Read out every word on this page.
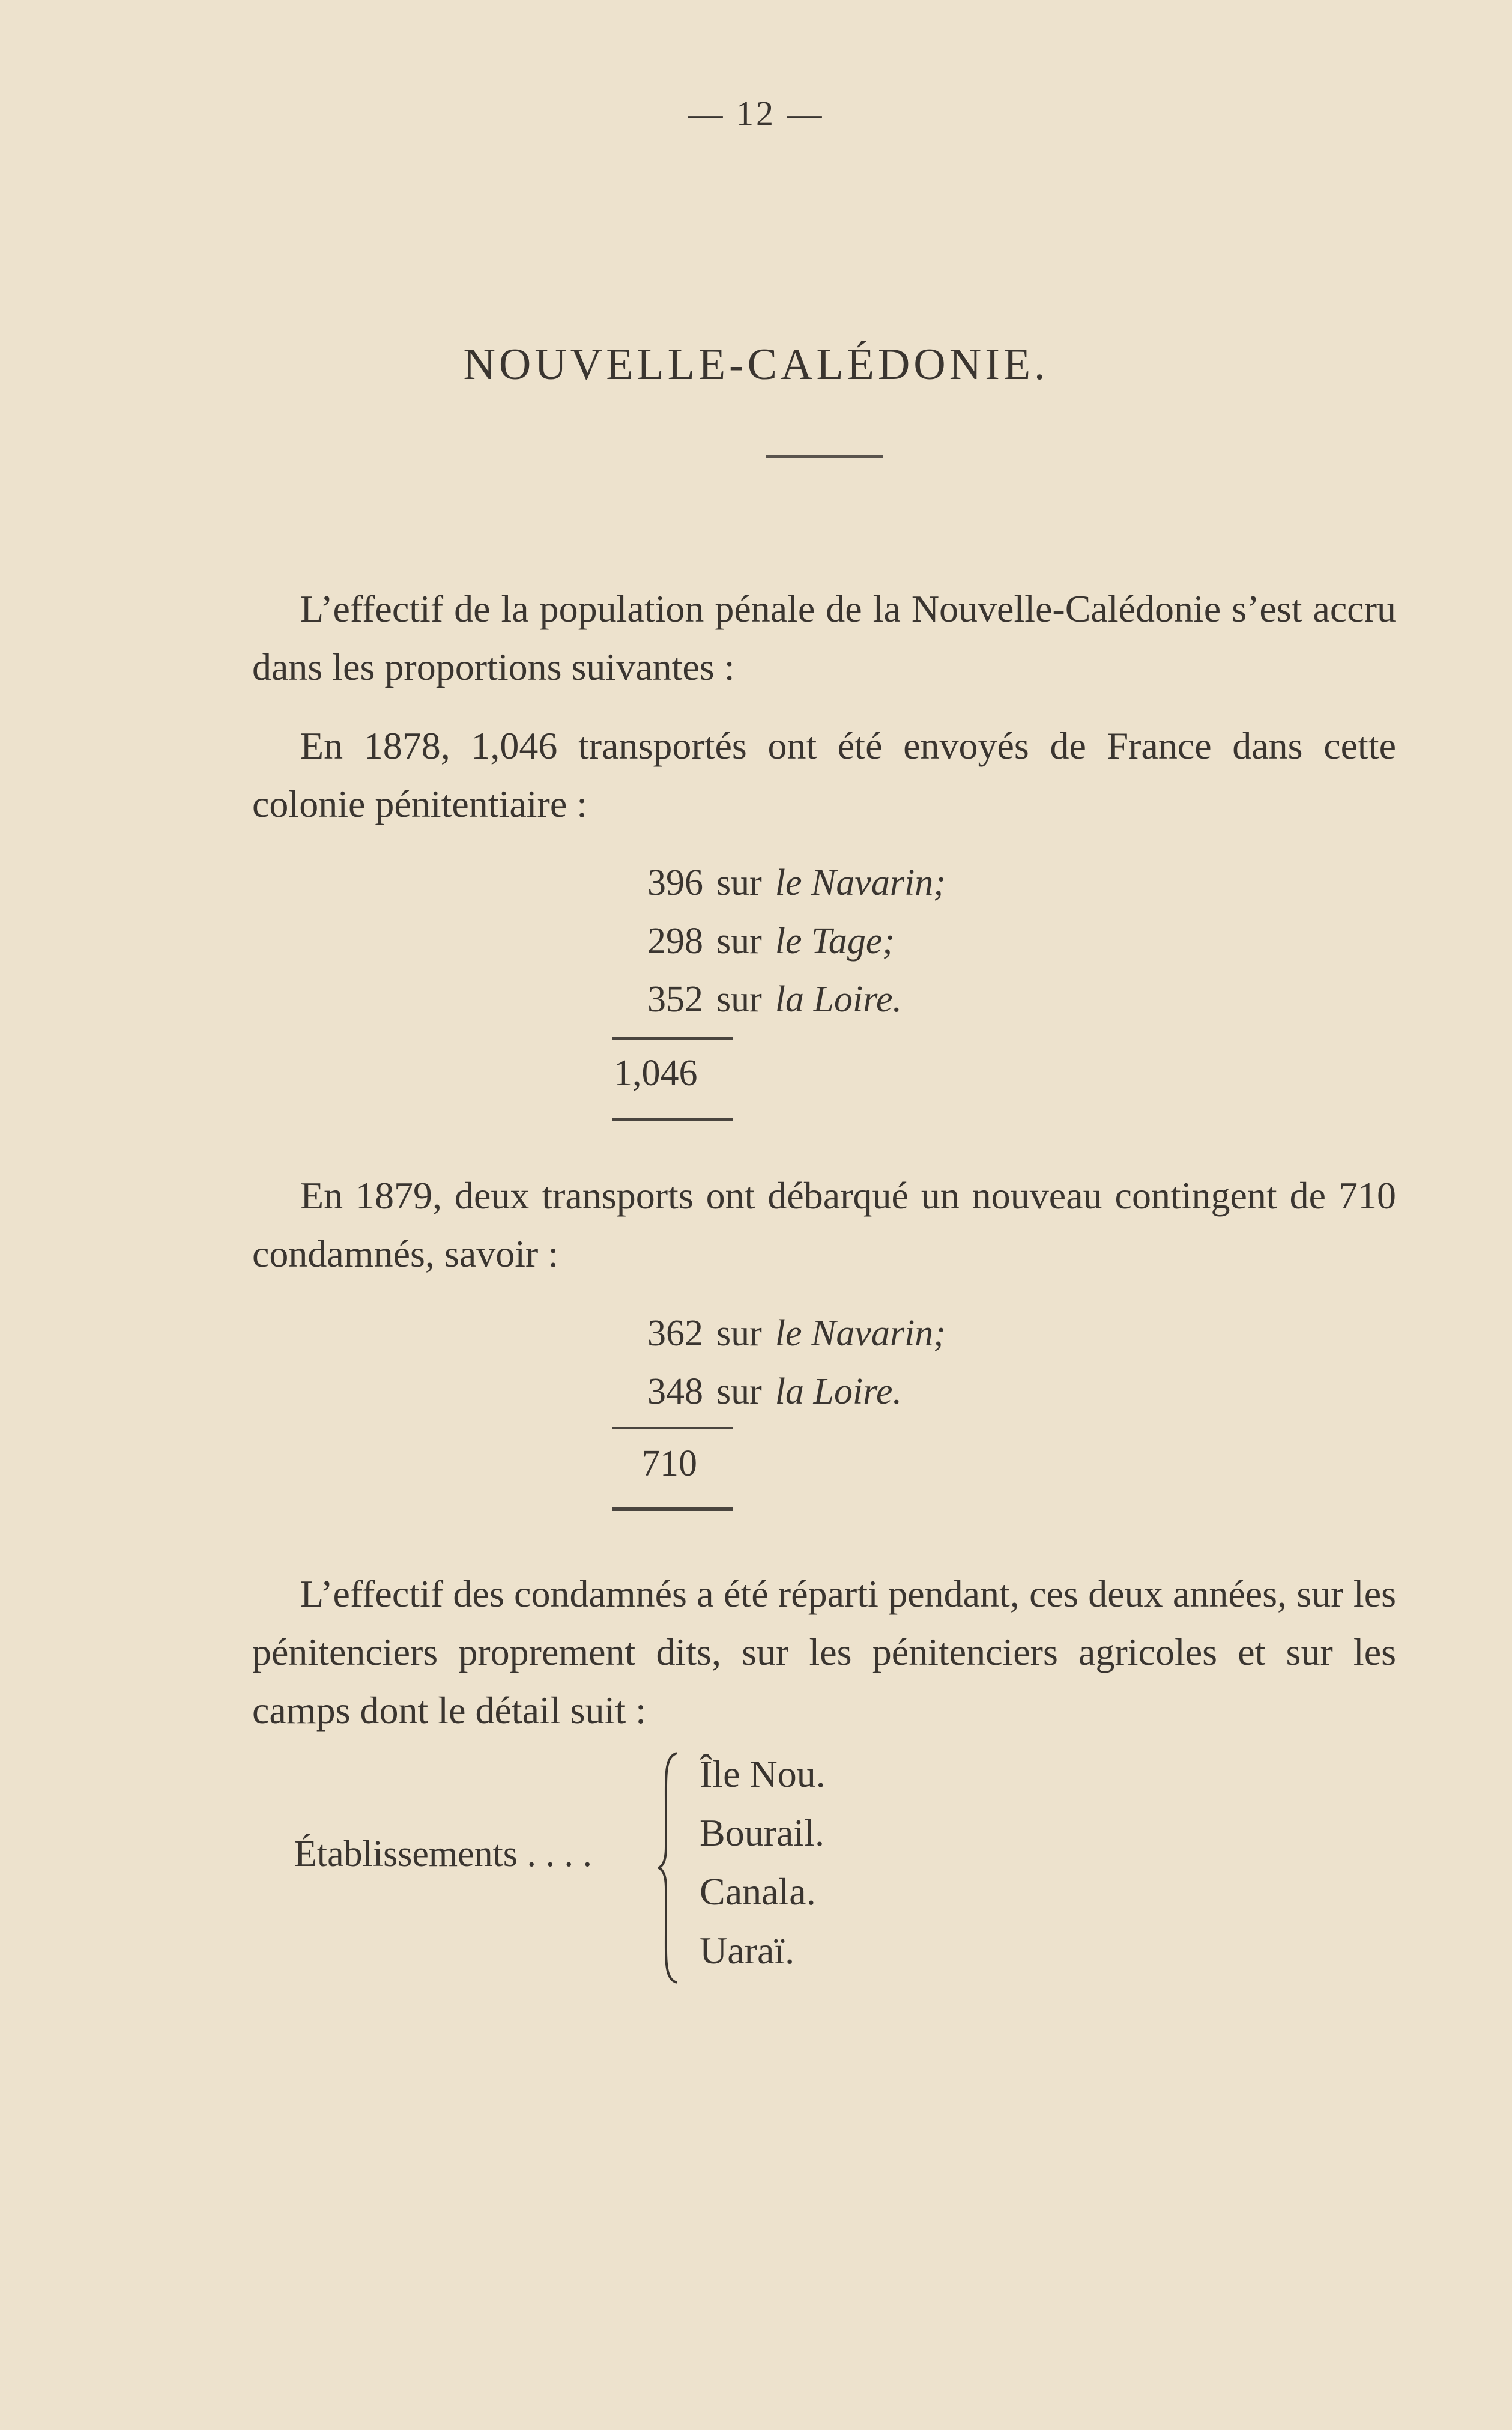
— 12 —
NOUVELLE-CALÉDONIE.

L’effectif de la population pénale de la Nouvelle-Calédonie s’est accru dans les proportions suivantes :

En 1878, 1,046 transportés ont été envoyés de France dans cette colonie pénitentiaire :

396 sur le Navarin;
298 sur le Tage;
352 sur la Loire.
1,046

En 1879, deux transports ont débarqué un nouveau contingent de 710 condamnés, savoir :

362 sur le Navarin;
348 sur la Loire.
710

L’effectif des condamnés a été réparti pendant, ces deux années, sur les pénitenciers proprement dits, sur les pénitenciers agricoles et sur les camps dont le détail suit :

Établissements . . . .
Île Nou.
Bourail.
Canala.
Uaraï.
